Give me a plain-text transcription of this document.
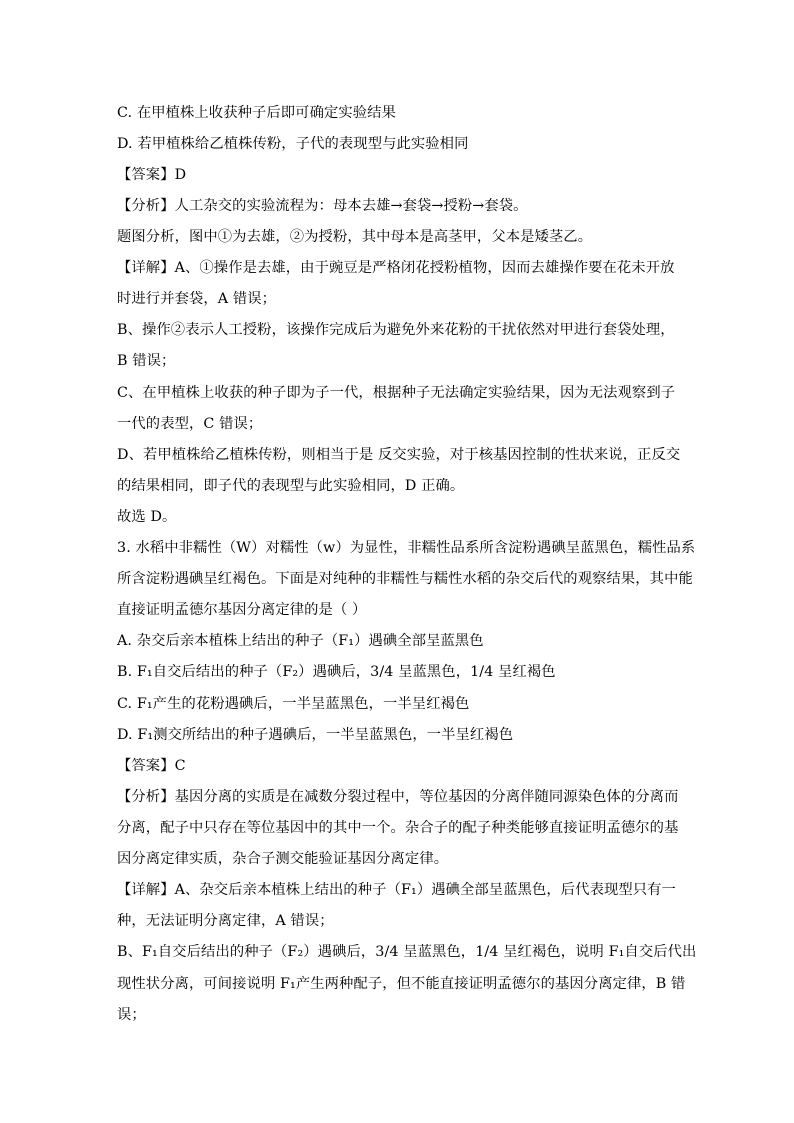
C. 在甲植株上收获种子后即可确定实验结果
D. 若甲植株给乙植株传粉，子代的表现型与此实验相同
【答案】D
【分析】人工杂交的实验流程为：母本去雄→套袋→授粉→套袋。
题图分析，图中①为去雄，②为授粉，其中母本是高茎甲，父本是矮茎乙。
【详解】A、①操作是去雄，由于豌豆是严格闭花授粉植物，因而去雄操作要在花未开放
时进行并套袋，A 错误；
B、操作②表示人工授粉，该操作完成后为避免外来花粉的干扰依然对甲进行套袋处理，
B 错误；
C、在甲植株上收获的种子即为子一代，根据种子无法确定实验结果，因为无法观察到子
一代的表型，C 错误；
D、若甲植株给乙植株传粉，则相当于是 反交实验，对于核基因控制的性状来说，正反交
的结果相同，即子代的表现型与此实验相同，D 正确。
故选 D。
3. 水稻中非糯性（W）对糯性（w）为显性，非糯性品系所含淀粉遇碘呈蓝黑色，糯性品系
所含淀粉遇碘呈红褐色。下面是对纯种的非糯性与糯性水稻的杂交后代的观察结果，其中能
直接证明孟德尔基因分离定律的是（ ）
A. 杂交后亲本植株上结出的种子（F₁）遇碘全部呈蓝黑色
B. F₁自交后结出的种子（F₂）遇碘后，3/4 呈蓝黑色，1/4 呈红褐色
C. F₁产生的花粉遇碘后，一半呈蓝黑色，一半呈红褐色
D. F₁测交所结出的种子遇碘后，一半呈蓝黑色，一半呈红褐色
【答案】C
【分析】基因分离的实质是在减数分裂过程中，等位基因的分离伴随同源染色体的分离而
分离，配子中只存在等位基因中的其中一个。杂合子的配子种类能够直接证明孟德尔的基
因分离定律实质，杂合子测交能验证基因分离定律。
【详解】A、杂交后亲本植株上结出的种子（F₁）遇碘全部呈蓝黑色，后代表现型只有一
种，无法证明分离定律，A 错误；
B、F₁自交后结出的种子（F₂）遇碘后，3/4 呈蓝黑色，1/4 呈红褐色，说明 F₁自交后代出
现性状分离，可间接说明 F₁产生两种配子，但不能直接证明孟德尔的基因分离定律，B 错
误；
